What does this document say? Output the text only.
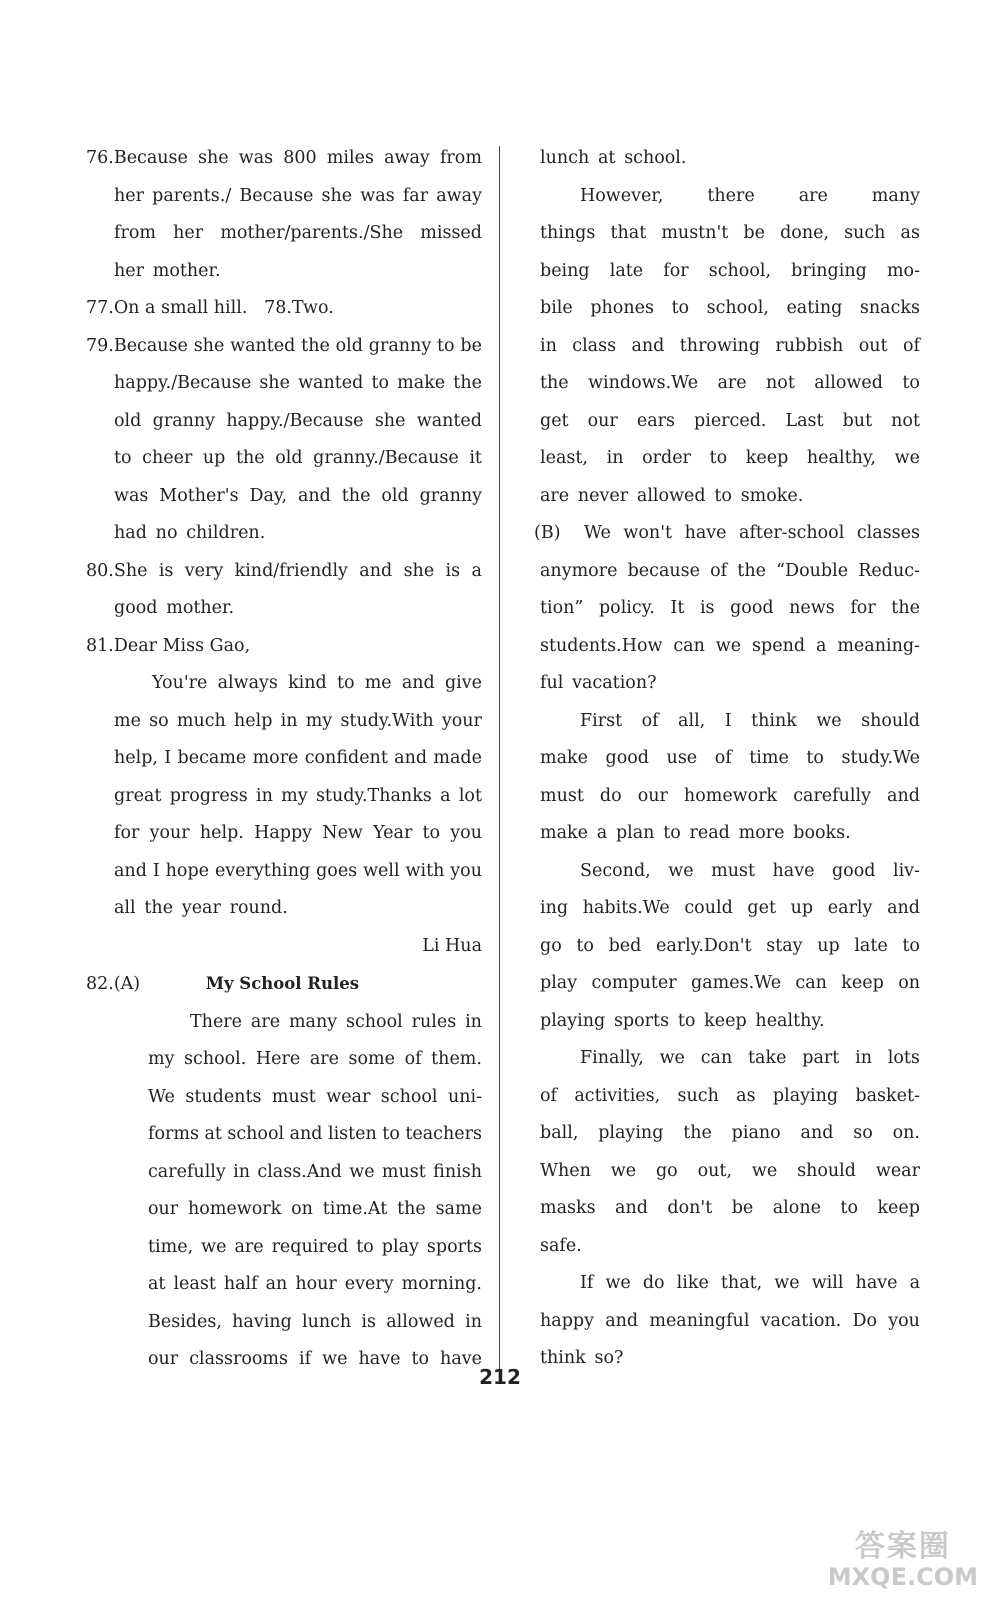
76.Because she was 800 miles away from
her parents./ Because she was far away
from her mother/parents./She missed
her mother.
77.On a small hill.   78.Two.
79.Because she wanted the old granny to be
happy./Because she wanted to make the
old granny happy./Because she wanted
to cheer up the old granny./Because it
was Mother's Day, and the old granny
had no children.
80.She is very kind/friendly and she is a
good mother.
81.Dear Miss Gao,
You're always kind to me and give
me so much help in my study.With your
help, I became more confident and made
great progress in my study.Thanks a lot
for your help. Happy New Year to you
and I hope everything goes well with you
all the year round.
Li Hua
82.(A)	My School Rules
There are many school rules in
my school. Here are some of them.
We students must wear school uni-
forms at school and listen to teachers
carefully in class.And we must finish
our homework on time.At the same
time, we are required to play sports
at least half an hour every morning.
Besides, having lunch is allowed in
our classrooms if we have to have
lunch at school.
However,	there	are	many
things that mustn't be done, such as
being late for school, bringing mo-
bile phones to school, eating snacks
in class and throwing rubbish out of
the windows.We are not allowed to
get our ears pierced. Last but not
least, in order to keep healthy, we
are never allowed to smoke.
(B) We won't have after-school classes
anymore because of the “Double Reduc-
tion” policy. It is good news for the
students.How can we spend a meaning-
ful vacation?
First of all, I think we should
make good use of time to study.We
must do our homework carefully and
make a plan to read more books.
Second, we must have good liv-
ing habits.We could get up early and
go to bed early.Don't stay up late to
play computer games.We can keep on
playing sports to keep healthy.
Finally, we can take part in lots
of activities, such as playing basket-
ball, playing the piano and so on.
When we go out, we should wear
masks and don't be alone to keep
safe.
If we do like that, we will have a
happy and meaningful vacation. Do you
think so?
212
答案圈
MXQE.COM
